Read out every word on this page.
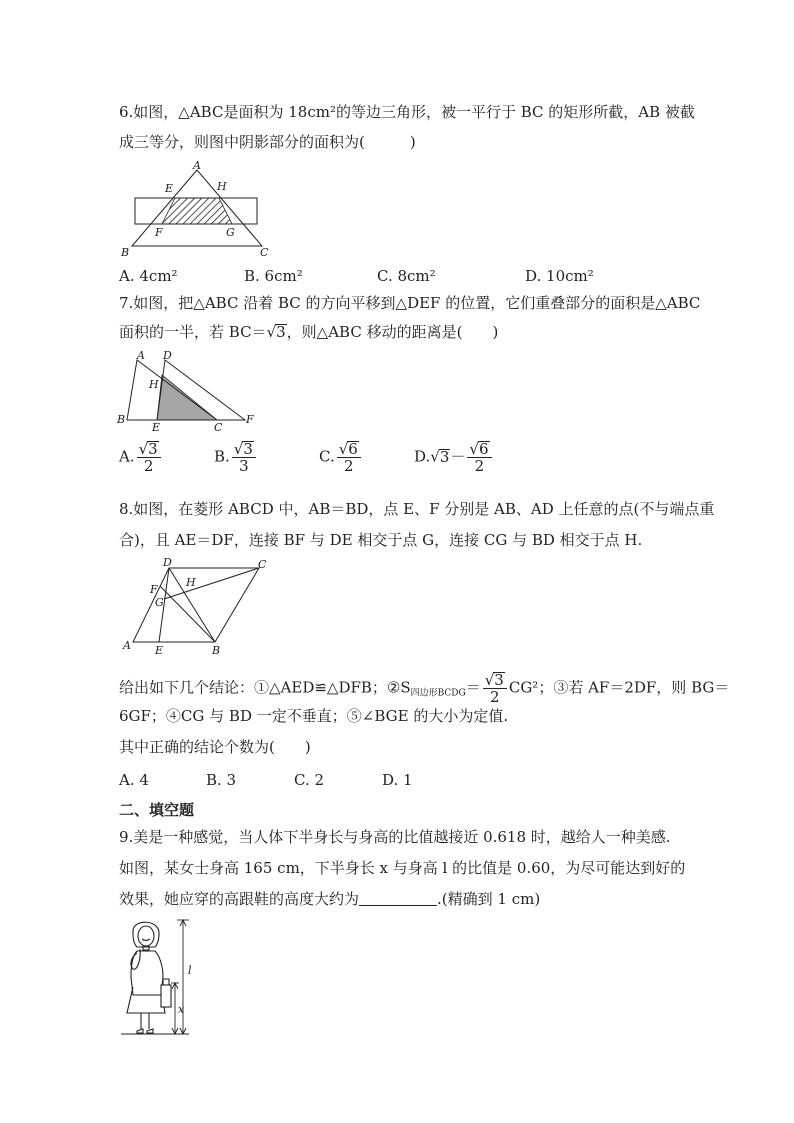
6.如图，△ABC是面积为 18cm²的等边三角形，被一平行于 BC 的矩形所截，AB 被截
成三等分，则图中阴影部分的面积为(　　　)
A
E	H
F	G
B	C
A. 4cm²	B. 6cm²	C. 8cm²	D. 10cm²
7.如图，把△ABC 沿着 BC 的方向平移到△DEF 的位置，它们重叠部分的面积是△ABC
面积的一半，若 BC＝√3，则△ABC 移动的距离是(　　)
A D
H
B
E	C
F
A. $\frac{√3}{2}$	B. $\frac{√3}{3}$	C. $\frac{√6}{2}$	$D.√3- \frac{√6}{2}$
8.如图，在菱形 ABCD 中，AB＝BD，点 E、F 分别是 AB、AD 上任意的点(不与端点重
合)，且 AE＝DF，连接 BF 与 DE 相交于点 G，连接 CG 与 BD 相交于点 H.
D	C
F
H
G
A E	B
给出如下几个结论：①△AED≌△DFB；$②S_{四边形BCDG}= \frac{√3}{2} CG^2$；③若 AF＝2DF，则 BG＝
6GF；④CG 与 BD 一定不垂直；⑤∠BGE 的大小为定值.
其中正确的结论个数为(　　)
A. 4	B. 3	C. 2	D. 1
二、填空题
9.美是一种感觉，当人体下半身长与身高的比值越接近 0.618 时，越给人一种美感.
如图，某女士身高 165 cm，下半身长 x 与身高 l 的比值是 0.60，为尽可能达到好的
效果，她应穿的高跟鞋的高度大约为	.(精确到 1 cm)
l
x
